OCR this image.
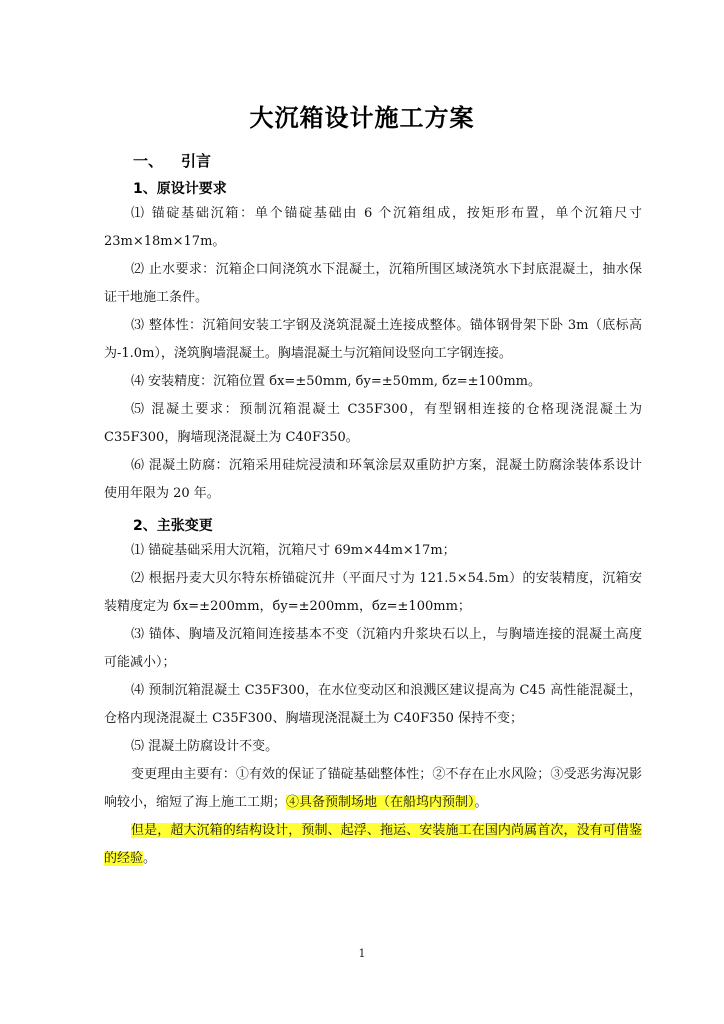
大沉箱设计施工方案
一、 引言
1、原设计要求
⑴ 锚碇基础沉箱：单个锚碇基础由 6 个沉箱组成，按矩形布置，单个沉箱尺寸 23m×18m×17m。
⑵ 止水要求：沉箱企口间浇筑水下混凝土，沉箱所围区域浇筑水下封底混凝土，抽水保证干地施工条件。
⑶ 整体性：沉箱间安装工字钢及浇筑混凝土连接成整体。锚体钢骨架下卧 3m（底标高为-1.0m），浇筑胸墙混凝土。胸墙混凝土与沉箱间设竖向工字钢连接。
⑷ 安装精度：沉箱位置 бx=±50mm, бy=±50mm, бz=±100mm。
⑸ 混凝土要求：预制沉箱混凝土 C35F300，有型钢相连接的仓格现浇混凝土为 C35F300，胸墙现浇混凝土为 C40F350。
⑹ 混凝土防腐：沉箱采用硅烷浸渍和环氧涂层双重防护方案，混凝土防腐涂装体系设计使用年限为 20 年。
2、主张变更
⑴ 锚碇基础采用大沉箱，沉箱尺寸 69m×44m×17m；
⑵ 根据丹麦大贝尔特东桥锚碇沉井（平面尺寸为 121.5×54.5m）的安装精度，沉箱安装精度定为 бx=±200mm，бy=±200mm，бz=±100mm；
⑶ 锚体、胸墙及沉箱间连接基本不变（沉箱内升浆块石以上，与胸墙连接的混凝土高度可能减小）；
⑷ 预制沉箱混凝土 C35F300，在水位变动区和浪溅区建议提高为 C45 高性能混凝土，仓格内现浇混凝土 C35F300、胸墙现浇混凝土为 C40F350 保持不变；
⑸ 混凝土防腐设计不变。
变更理由主要有：①有效的保证了锚碇基础整体性；②不存在止水风险；③受恶劣海况影响较小，缩短了海上施工工期；④具备预制场地（在船坞内预制）。
但是，超大沉箱的结构设计，预制、起浮、拖运、安装施工在国内尚属首次，没有可借鉴的经验。
1
